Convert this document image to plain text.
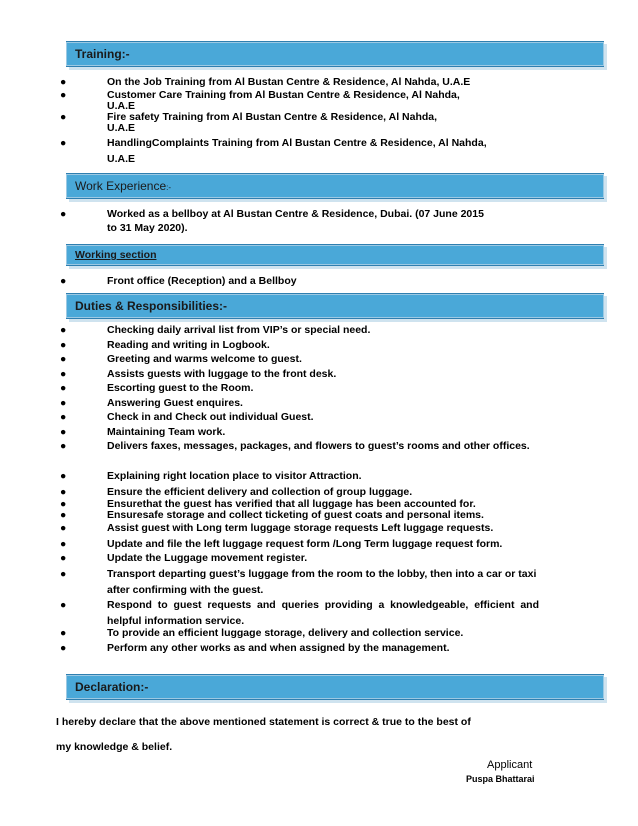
Training:-
●	On the Job Training from Al Bustan Centre & Residence, Al Nahda, U.A.E
●	Customer Care Training from Al Bustan Centre & Residence, Al Nahda,
U.A.E
●	Fire safety Training from Al Bustan Centre & Residence, Al Nahda,
U.A.E
●	HandlingComplaints Training from Al Bustan Centre & Residence, Al Nahda,
U.A.E
Work Experience:-
●	Worked as a bellboy at Al Bustan Centre & Residence, Dubai. (07 June 2015
to 31 May 2020).
Working section
●	Front office (Reception) and a Bellboy
Duties & Responsibilities:-
●	Checking daily arrival list from VIP’s or special need.
●	Reading and writing in Logbook.
●	Greeting and warms welcome to guest.
●	Assists guests with luggage to the front desk.
●	Escorting guest to the Room.
●	Answering Guest enquires.
●	Check in and Check out individual Guest.
●	Maintaining Team work.
●	Delivers faxes, messages, packages, and flowers to guest’s rooms and other offices.
●	Explaining right location place to visitor Attraction.
●	Ensure the efficient delivery and collection of group luggage.
●	Ensurethat the guest has verified that all luggage has been accounted for.
●	Ensuresafe storage and collect ticketing of guest coats and personal items.
●	Assist guest with Long term luggage storage requests Left luggage requests.
●	Update and file the left luggage request form /Long Term luggage request form.
●	Update the Luggage movement register.
●	Transport departing guest’s luggage from the room to the lobby, then into a car or taxi after confirming with the guest.
●	Respond to guest requests and queries providing a knowledgeable, efficient and helpful information service.
●	To provide an efficient luggage storage, delivery and collection service.
●	Perform any other works as and when assigned by the management.
Declaration:-
I hereby declare that the above mentioned statement is correct & true to the best of
my knowledge & belief.
Applicant
Puspa Bhattarai
